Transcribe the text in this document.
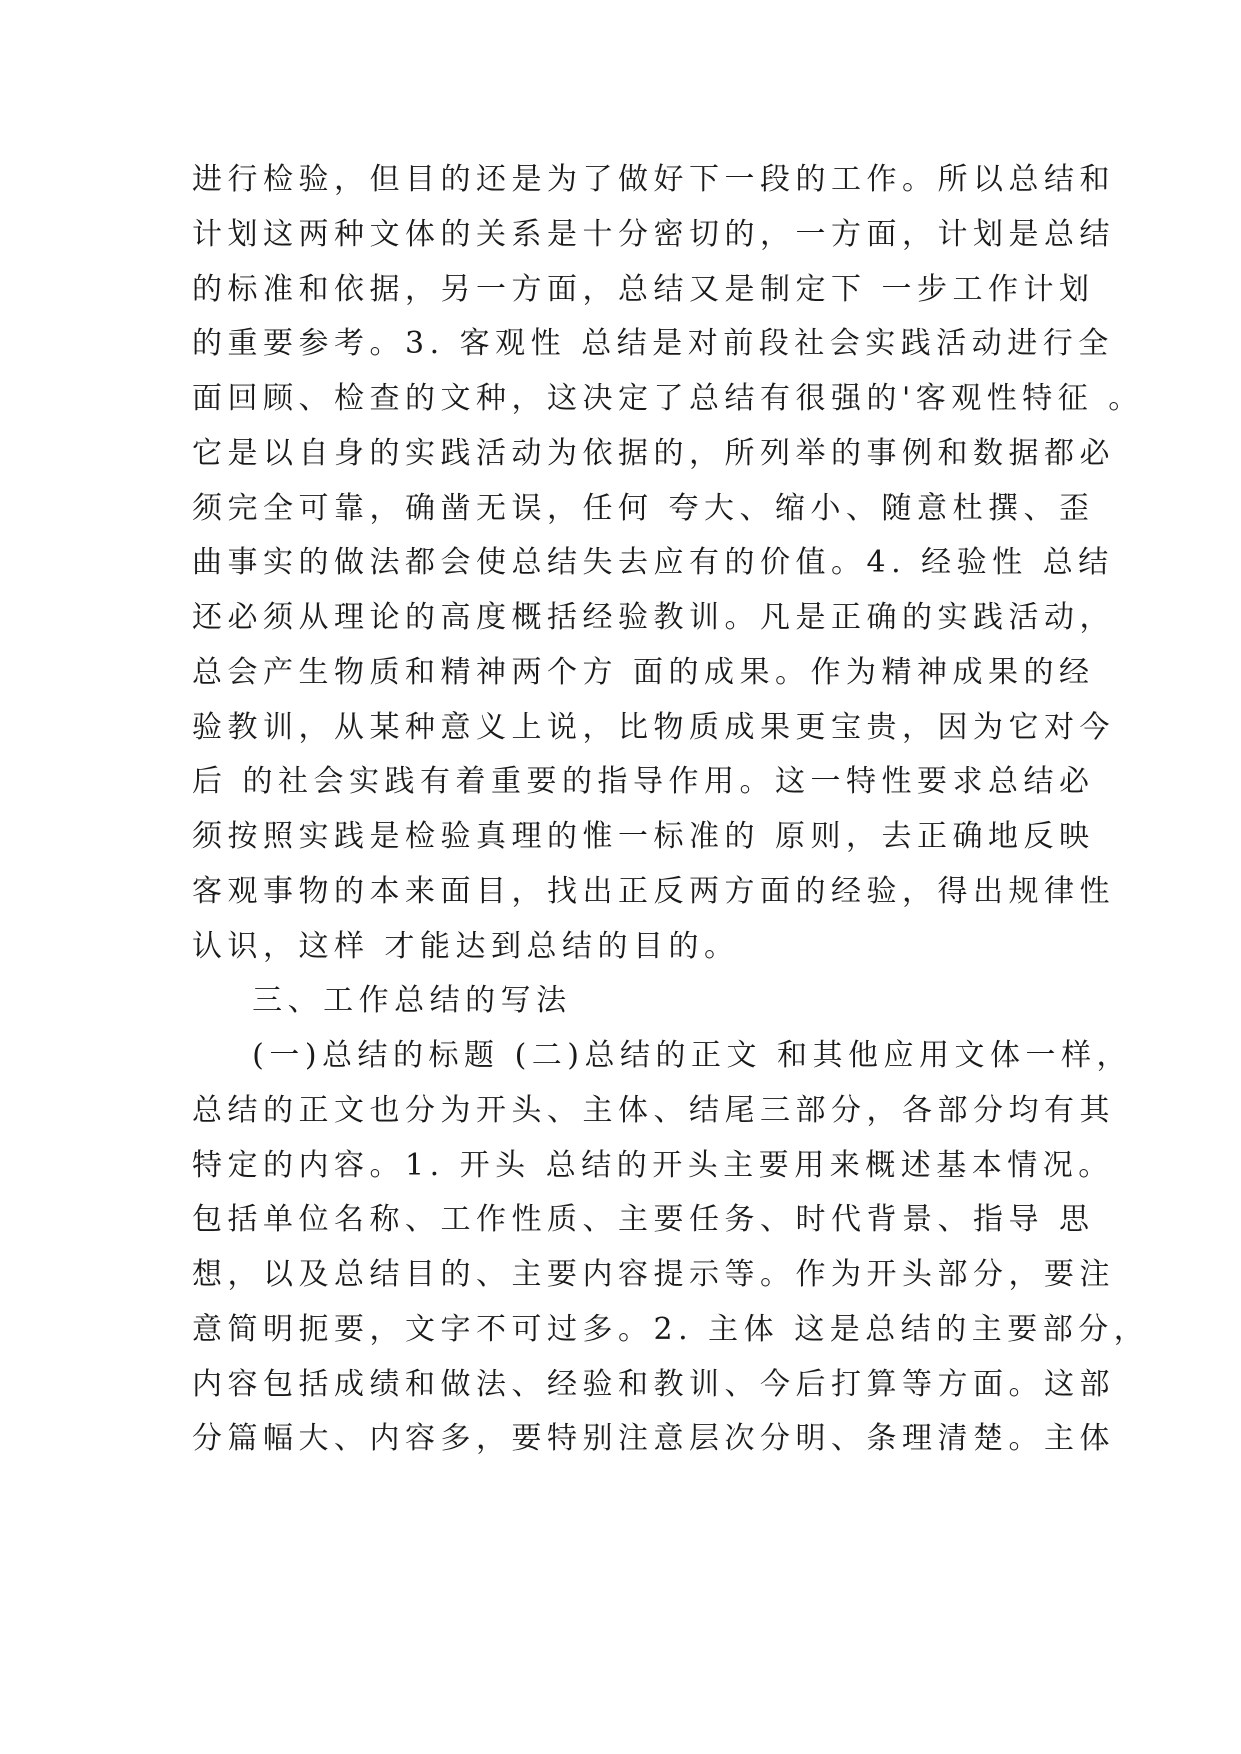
进行检验，但目的还是为了做好下一段的工作。所以总结和
计划这两种文体的关系是十分密切的，一方面，计划是总结
的标准和依据，另一方面，总结又是制定下 一步工作计划
的重要参考。3. 客观性 总结是对前段社会实践活动进行全
面回顾、检查的文种，这决定了总结有很强的'客观性特征 。
它是以自身的实践活动为依据的，所列举的事例和数据都必
须完全可靠，确凿无误，任何 夸大、缩小、随意杜撰、歪
曲事实的做法都会使总结失去应有的价值。4. 经验性 总结
还必须从理论的高度概括经验教训。凡是正确的实践活动，
总会产生物质和精神两个方 面的成果。作为精神成果的经
验教训，从某种意义上说，比物质成果更宝贵，因为它对今
后 的社会实践有着重要的指导作用。这一特性要求总结必
须按照实践是检验真理的惟一标准的 原则，去正确地反映
客观事物的本来面目，找出正反两方面的经验，得出规律性
认识，这样 才能达到总结的目的。
三、工作总结的写法
(一)总结的标题 (二)总结的正文 和其他应用文体一样，
总结的正文也分为开头、主体、结尾三部分，各部分均有其
特定的内容。1. 开头 总结的开头主要用来概述基本情况。
包括单位名称、工作性质、主要任务、时代背景、指导 思
想，以及总结目的、主要内容提示等。作为开头部分，要注
意简明扼要，文字不可过多。2. 主体 这是总结的主要部分，
内容包括成绩和做法、经验和教训、今后打算等方面。这部
分篇幅大、内容多，要特别注意层次分明、条理清楚。主体
